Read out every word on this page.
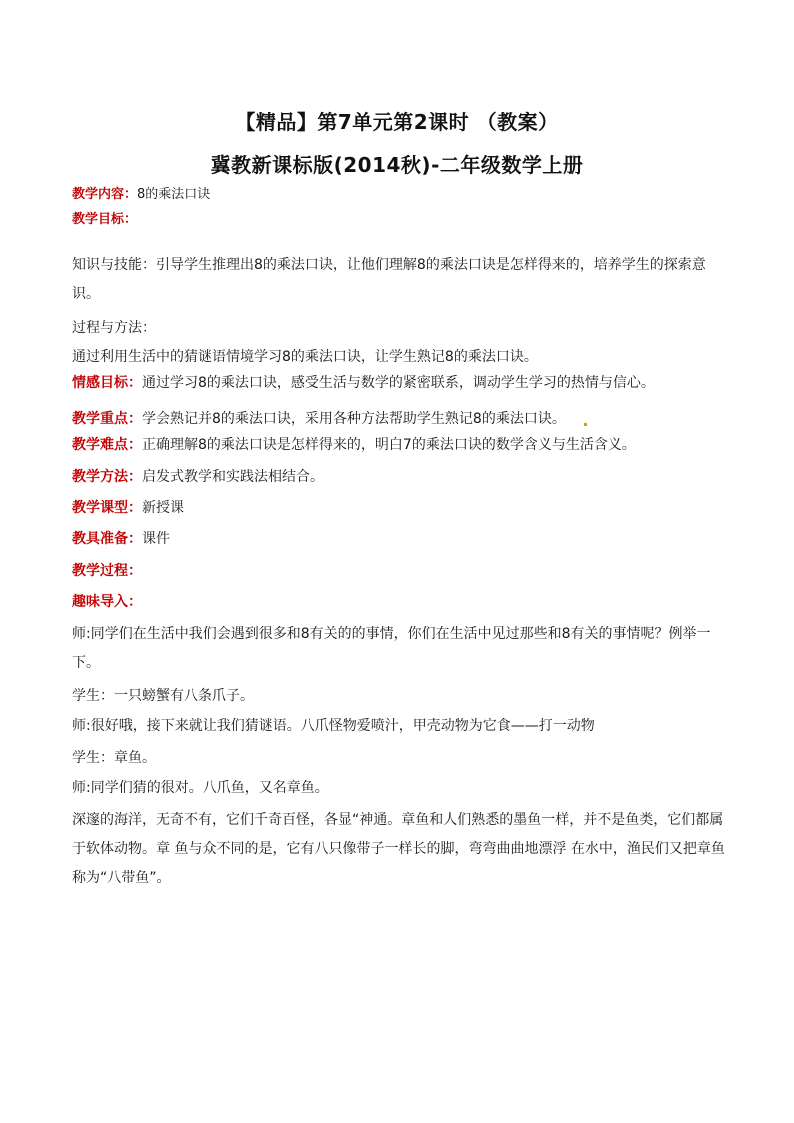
【精品】第7单元第2课时 （教案）
冀教新课标版(2014秋)-二年级数学上册
教学内容：8的乘法口诀
教学目标：
知识与技能：引导学生推理出8的乘法口诀，让他们理解8的乘法口诀是怎样得来的，培养学生的探索意识。
过程与方法：
通过利用生活中的猜谜语情境学习8的乘法口诀，让学生熟记8的乘法口诀。
情感目标：通过学习8的乘法口诀，感受生活与数学的紧密联系，调动学生学习的热情与信心。
教学重点：学会熟记并8的乘法口诀，采用各种方法帮助学生熟记8的乘法口诀。
教学难点：正确理解8的乘法口诀是怎样得来的，明白7的乘法口诀的数学含义与生活含义。
教学方法：启发式教学和实践法相结合。
教学课型：新授课
教具准备：课件
教学过程：
趣味导入：
师:同学们在生活中我们会遇到很多和8有关的的事情，你们在生活中见过那些和8有关的事情呢？例举一下。
学生：一只螃蟹有八条爪子。
师:很好哦，接下来就让我们猜谜语。八爪怪物爱喷汁，甲壳动物为它食——打一动物
学生：章鱼。
师:同学们猜的很对。八爪鱼，又名章鱼。
深邃的海洋，无奇不有，它们千奇百怪，各显“神通。章鱼和人们熟悉的墨鱼一样，并不是鱼类，它们都属于软体动物。章 鱼与众不同的是，它有八只像带子一样长的脚，弯弯曲曲地漂浮 在水中，渔民们又把章鱼称为“八带鱼”。
